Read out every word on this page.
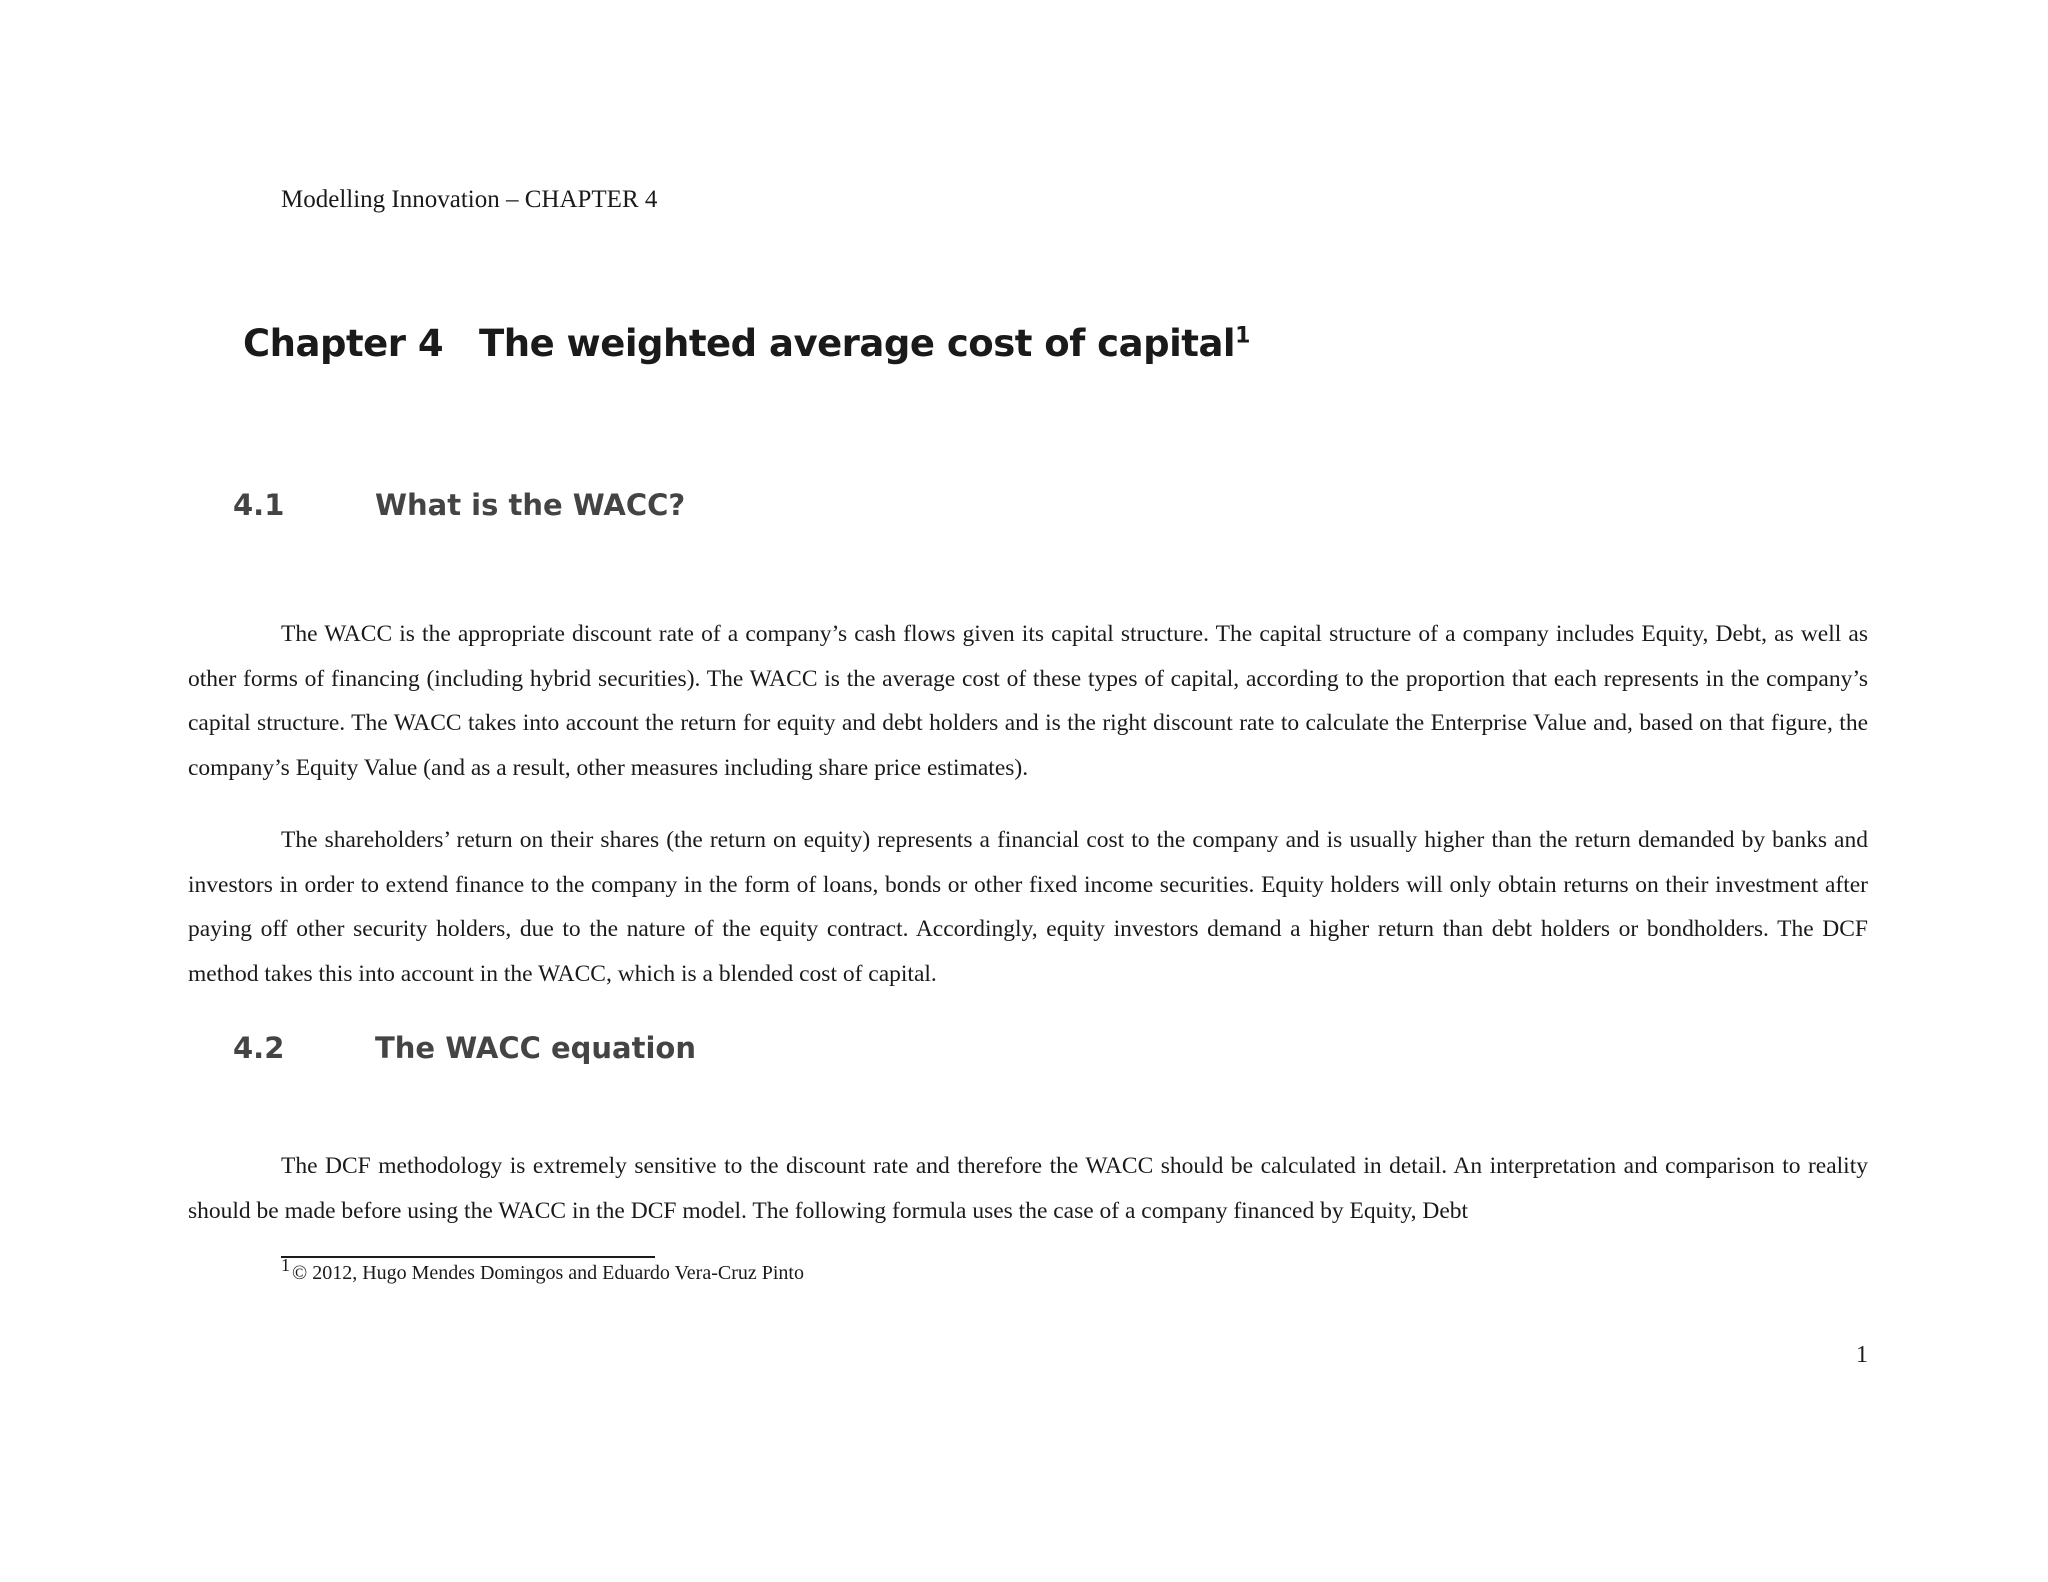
Modelling Innovation – CHAPTER 4
Chapter 4 The weighted average cost of capital$^1$
4.1	What is the WACC?

The WACC is the appropriate discount rate of a company’s cash flows given its capital structure. The capital structure of a company includes Equity, Debt, as well as other forms of financing (including hybrid securities). The WACC is the average cost of these types of capital, according to the proportion that each represents in the company’s capital structure. The WACC takes into account the return for equity and debt holders and is the right discount rate to calculate the Enterprise Value and, based on that figure, the company’s Equity Value (and as a result, other measures including share price estimates).

The shareholders’ return on their shares (the return on equity) represents a financial cost to the company and is usually higher than the return demanded by banks and investors in order to extend finance to the company in the form of loans, bonds or other fixed income securities. Equity holders will only obtain returns on their investment after paying off other security holders, due to the nature of the equity contract. Accordingly, equity investors demand a higher return than debt holders or bondholders. The DCF method takes this into account in the WACC, which is a blended cost of capital.

4.2	The WACC equation

The DCF methodology is extremely sensitive to the discount rate and therefore the WACC should be calculated in detail. An interpretation and comparison to reality should be made before using the WACC in the DCF model. The following formula uses the case of a company financed by Equity, Debt

1 © 2012, Hugo Mendes Domingos and Eduardo Vera-Cruz Pinto
1
